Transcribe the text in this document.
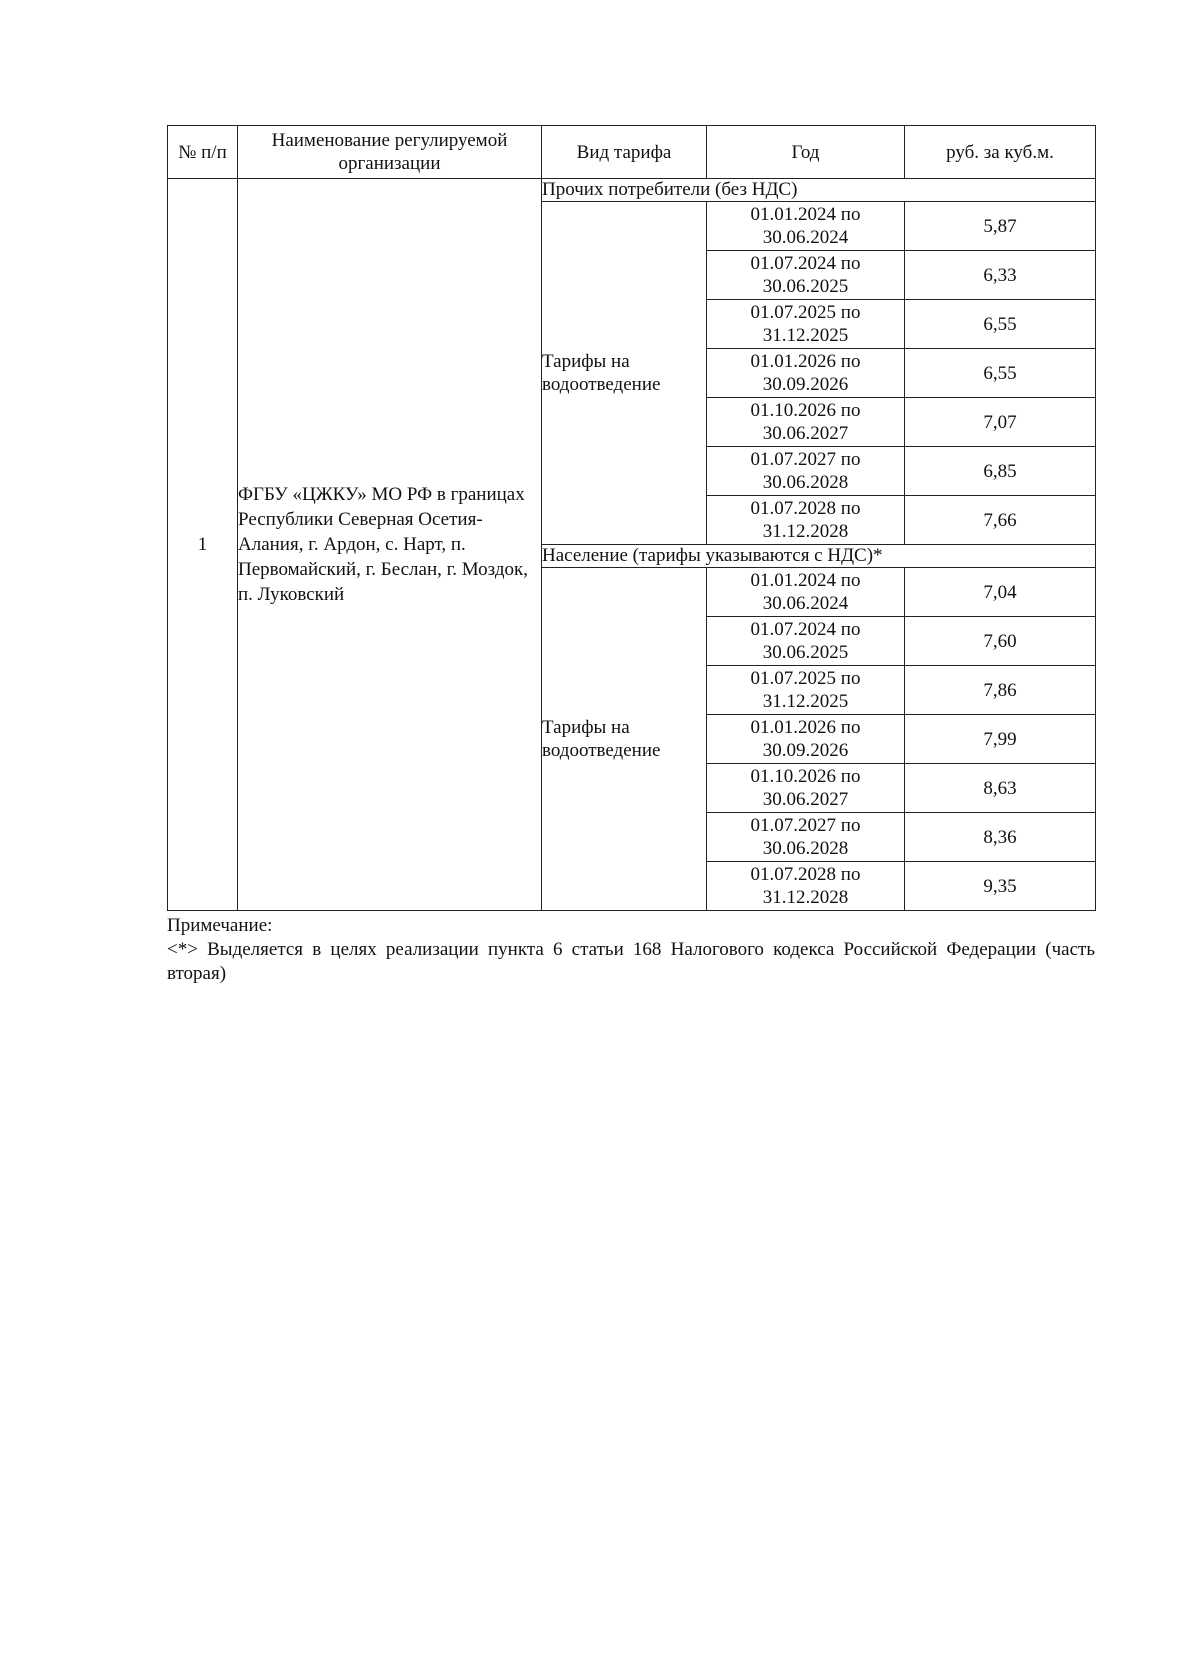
№ п/п	Наименование регулируемой организации	Вид тарифа	Год	руб. за куб.м.
1	ФГБУ «ЦЖКУ» МО РФ в границах Республики Северная Осетия-Алания, г. Ардон, с. Нарт, п. Первомайский, г. Беслан, г. Моздок, п. Луковский	Прочих потребители (без НДС)		
		Тарифы на водоотведение	01.01.2024 по 30.06.2024	5,87
			01.07.2024 по 30.06.2025	6,33
			01.07.2025 по 31.12.2025	6,55
			01.01.2026 по 30.09.2026	6,55
			01.10.2026 по 30.06.2027	7,07
			01.07.2027 по 30.06.2028	6,85
			01.07.2028 по 31.12.2028	7,66
		Население (тарифы указываются с НДС)*		
		Тарифы на водоотведение	01.01.2024 по 30.06.2024	7,04
			01.07.2024 по 30.06.2025	7,60
			01.07.2025 по 31.12.2025	7,86
			01.01.2026 по 30.09.2026	7,99
			01.10.2026 по 30.06.2027	8,63
			01.07.2027 по 30.06.2028	8,36
			01.07.2028 по 31.12.2028	9,35
Примечание:
<*> Выделяется в целях реализации пункта 6 статьи 168 Налогового кодекса Российской Федерации (часть вторая)
